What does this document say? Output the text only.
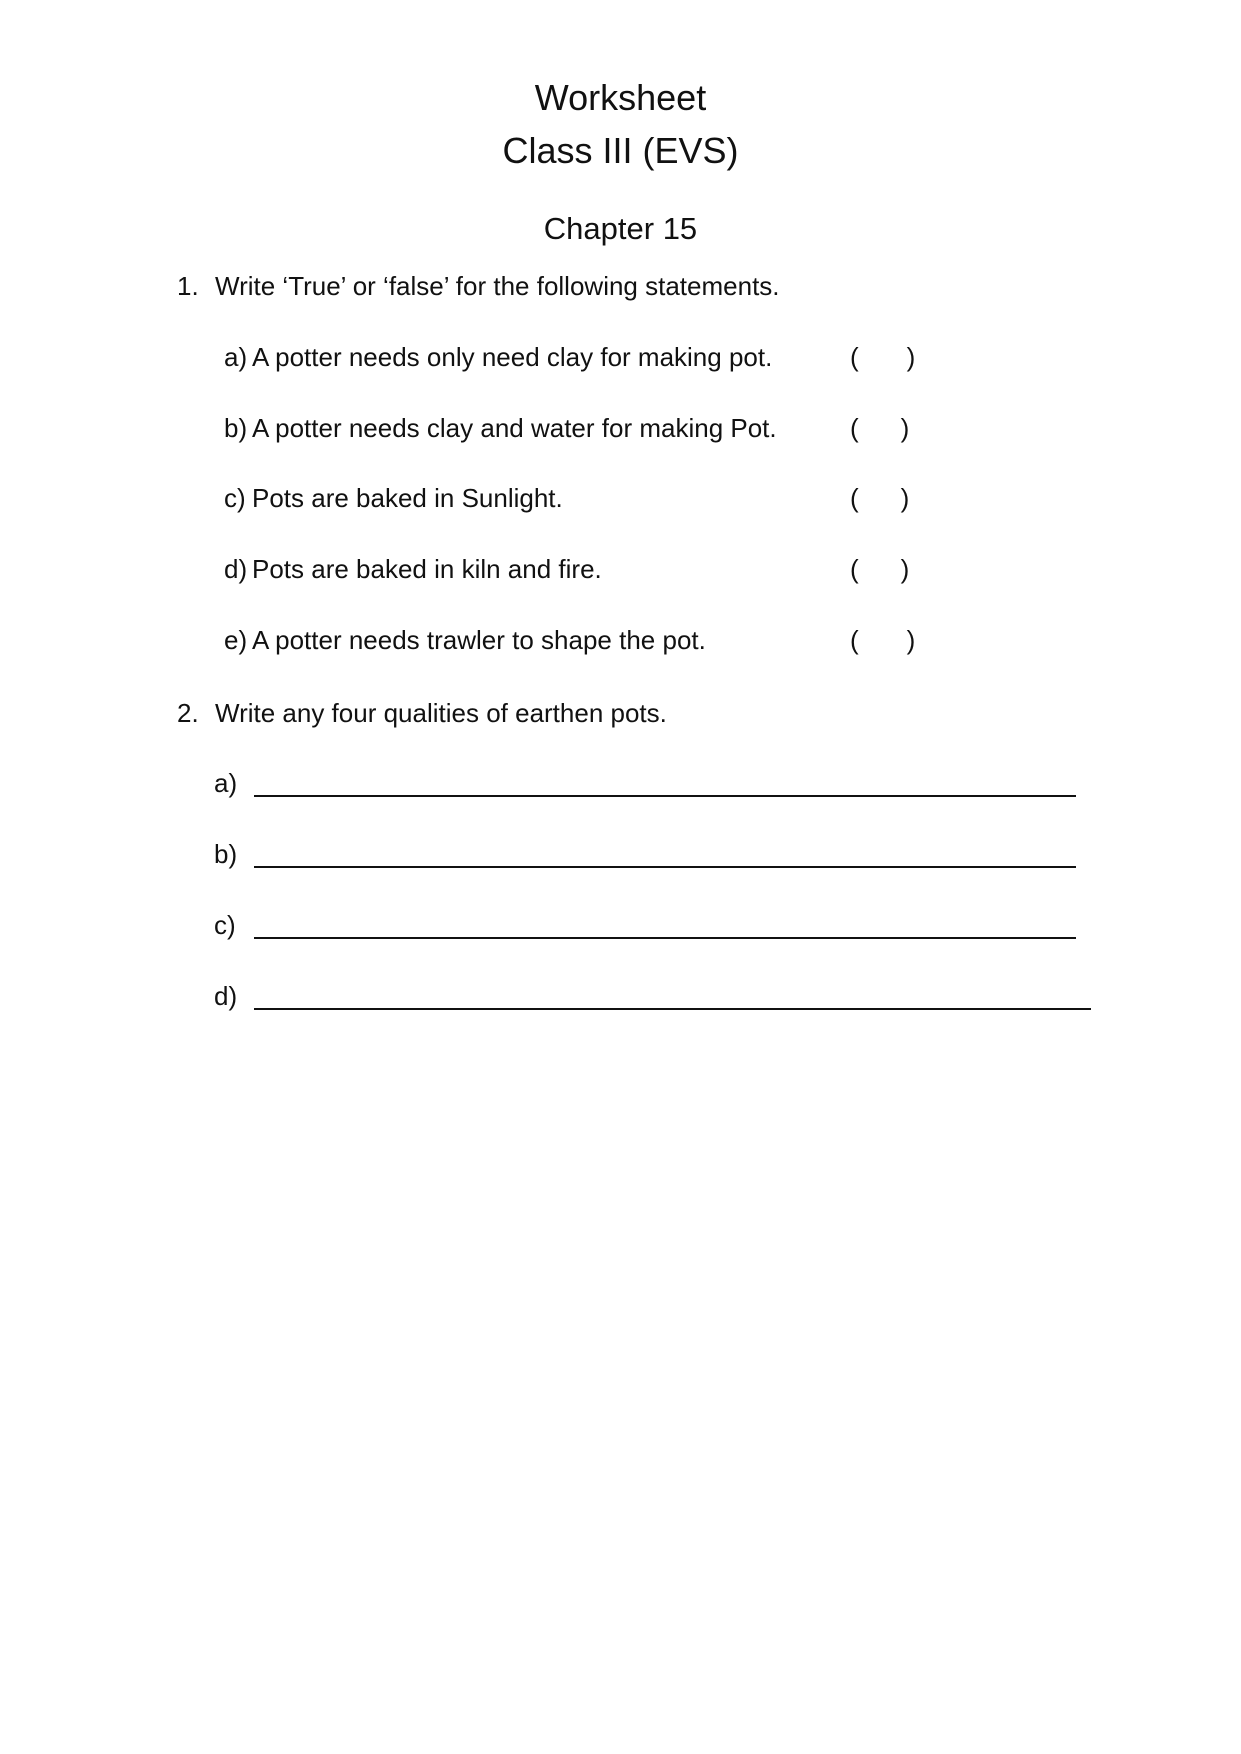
Worksheet
Class III (EVS)
Chapter 15
1. Write ‘True’ or ‘false’ for the following statements.
a) A potter needs only need clay for making pot.	( )
b) A potter needs clay and water for making Pot.	( )
c) Pots are baked in Sunlight.	( )
d) Pots are baked in kiln and fire.	( )
e) A potter needs trawler to shape the pot.	( )
2. Write any four qualities of earthen pots.
a)
b)
c)
d)
